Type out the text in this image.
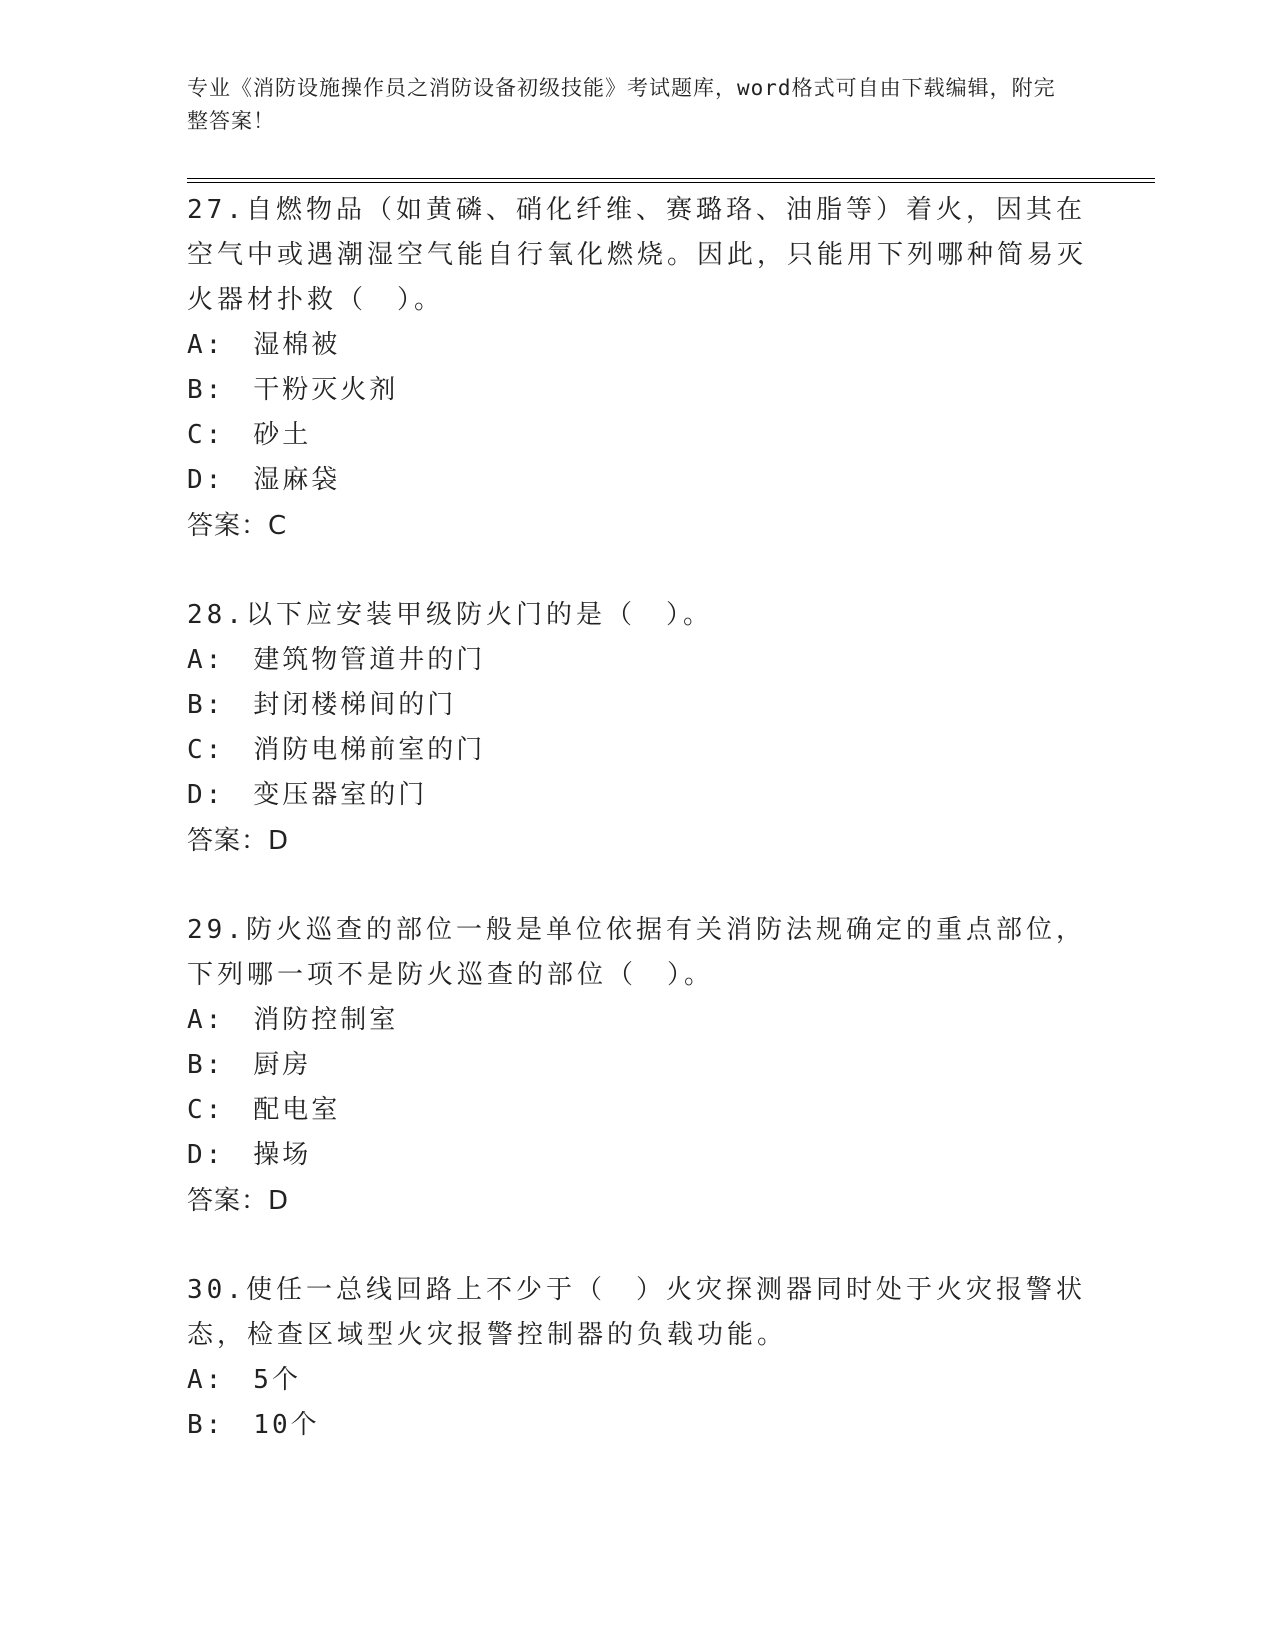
专业《消防设施操作员之消防设备初级技能》考试题库，word格式可自由下载编辑，附完整答案！

27.自燃物品（如黄磷、硝化纤维、赛璐珞、油脂等）着火，因其在空气中或遇潮湿空气能自行氧化燃烧。因此，只能用下列哪种简易灭火器材扑救（　）。

A:　湿棉被

B:　干粉灭火剂

C:　砂土

D:　湿麻袋

答案：C

28.以下应安装甲级防火门的是（　）。

A:　建筑物管道井的门

B:　封闭楼梯间的门

C:　消防电梯前室的门

D:　变压器室的门

答案：D

29.防火巡查的部位一般是单位依据有关消防法规确定的重点部位，下列哪一项不是防火巡查的部位（　）。

A:　消防控制室

B:　厨房

C:　配电室

D:　操场

答案：D

30.使任一总线回路上不少于（　）火灾探测器同时处于火灾报警状态，检查区域型火灾报警控制器的负载功能。

A:　5个

B:　10个
